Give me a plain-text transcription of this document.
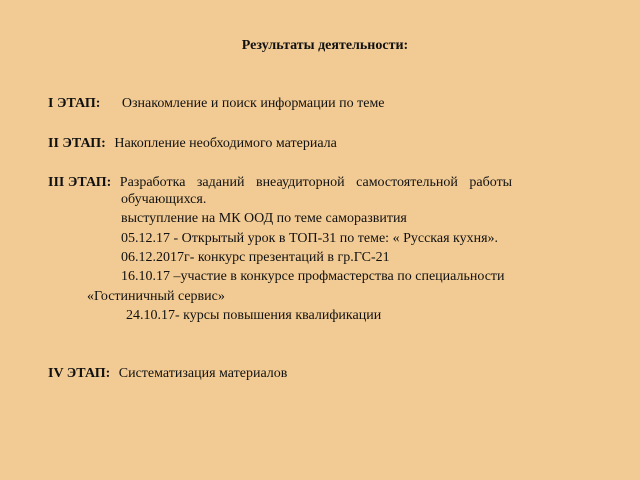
Результаты деятельности:
I ЭТАП: Ознакомление и поиск информации по теме
II ЭТАП: Накопление необходимого материала
III ЭТАП: Разработка заданий внеаудиторной самостоятельной работы
обучающихся.
выступление на МК ООД по теме саморазвития
05.12.17 - Открытый урок в ТОП-31 по теме: « Русская кухня».
06.12.2017г- конкурс презентаций в гр.ГС-21
16.10.17 –участие в конкурсе профмастерства по специальности
«Гостиничный сервис»
24.10.17- курсы повышения квалификации
IV ЭТАП: Систематизация материалов
